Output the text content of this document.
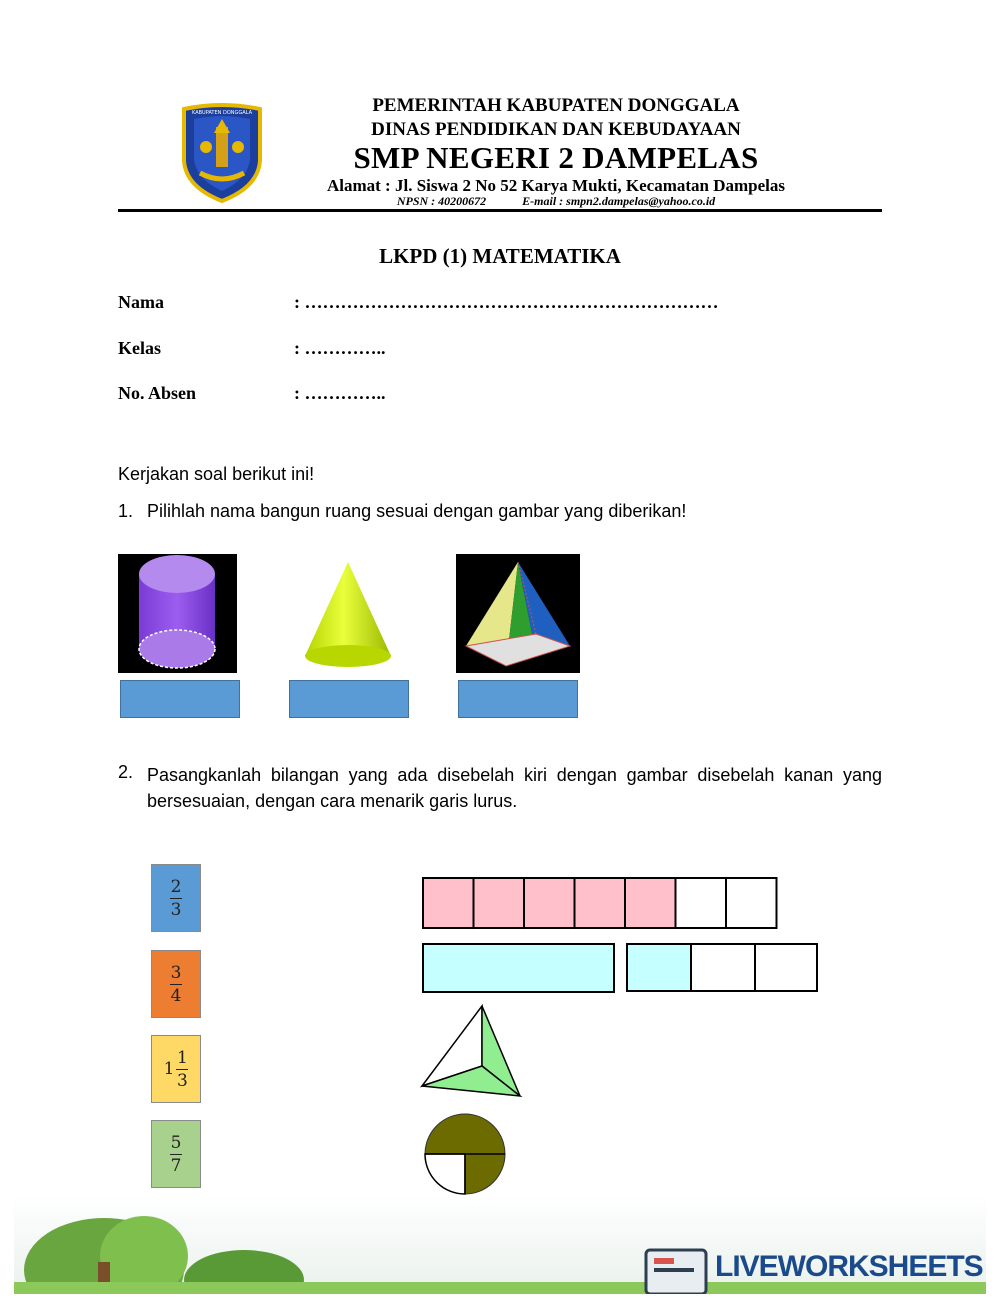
KABUPATEN DONGGALA	PEMERINTAH KABUPATEN DONGGALA
DINAS PENDIDIKAN DAN KEBUDAYAAN
SMP NEGERI 2 DAMPELAS
Alamat : Jl. Siswa 2 No 52 Karya Mukti, Kecamatan Dampelas
NPSN : 40200672	E-mail : smpn2.dampelas@yahoo.co.id
LKPD (1) MATEMATIKA
Nama	: ……………………………………………………………
Kelas	: …………..
No. Absen	: …………..
Kerjakan soal berikut ini!
1. Pilihlah nama bangun ruang sesuai dengan gambar yang diberikan!
2. Pasangkanlah bilangan yang ada disebelah kiri dengan gambar disebelah kanan yang bersesuaian, dengan cara menarik garis lurus.
$\frac{2}{3}$
$\frac{3}{4}$
$1 \frac{1}{3}$
$\frac{5}{7}$
LIVEWORKSHEETS
